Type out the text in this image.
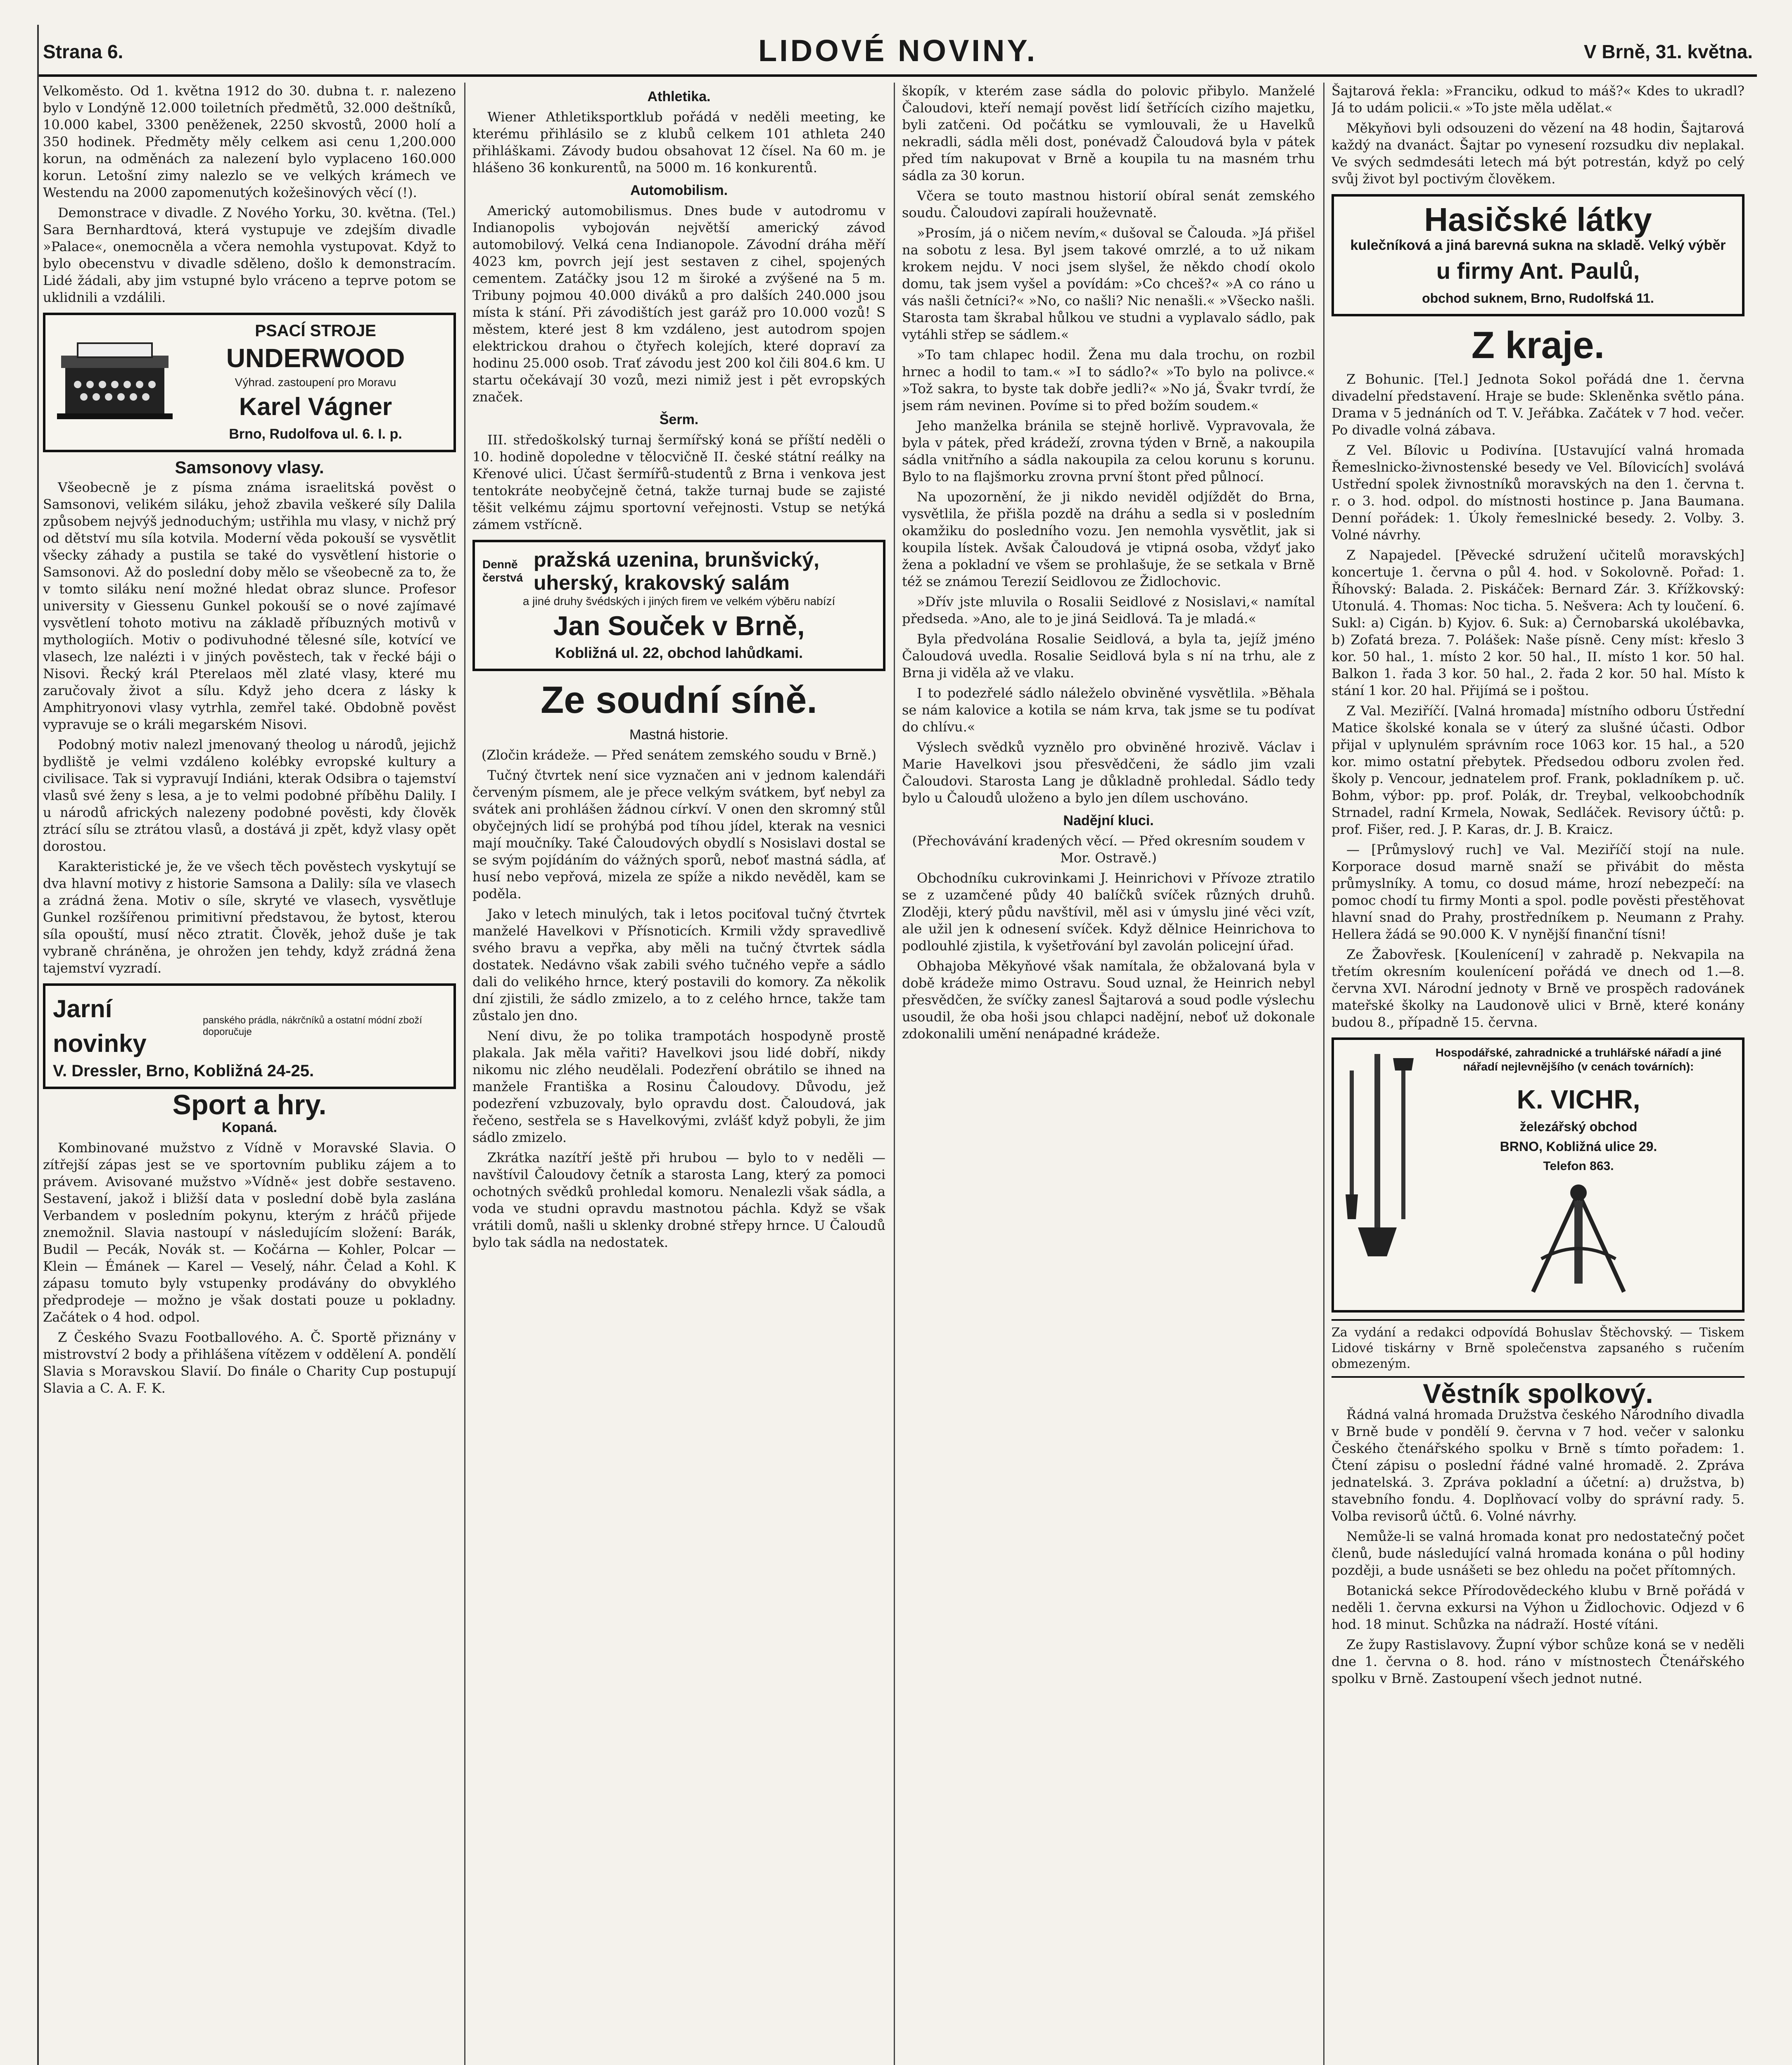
Strana 6.	LIDOVÉ NOVINY.	V Brně, 31. května.

Velkoměsto. Od 1. května 1912 do 30. dubna t. r. nalezeno bylo v Londýně 12.000 toiletních předmětů, 32.000 deštníků, 10.000 kabel, 3300 peněženek, 2250 skvostů, 2000 holí a 350 hodinek. Předměty měly celkem asi cenu 1,200.000 korun, na odměnách za nalezení bylo vyplaceno 160.000 korun. Letošní zimy nalezlo se ve velkých krámech ve Westendu na 2000 zapomenutých kožešinových věcí (!).

Demonstrace v divadle. Z Nového Yorku, 30. května. (Tel.) Sara Bernhardtová, která vystupuje ve zdejším divadle »Palace«, onemocněla a včera nemohla vystupovat. Když to bylo obecenstvu v divadle sděleno, došlo k demonstracím. Lidé žádali, aby jim vstupné bylo vráceno a teprve potom se uklidnili a vzdálili.

PSACÍ STROJE
UNDERWOOD
Výhrad. zastoupení pro Moravu
Karel Vágner
Brno, Rudolfova ul. 6. I. p.
Samsonovy vlasy.

Všeobecně je z písma známa israelitská pověst o Samsonovi, velikém siláku, jehož zbavila veškeré síly Dalila způsobem nejvýš jednoduchým; ustřihla mu vlasy, v nichž prý od dětství mu síla kotvila. Moderní věda pokouší se vysvětlit všecky záhady a pustila se také do vysvětlení historie o Samsonovi. Až do poslední doby mělo se všeobecně za to, že v tomto siláku není možné hledat obraz slunce. Profesor university v Giessenu Gunkel pokouší se o nové zajímavé vysvětlení tohoto motivu na základě příbuzných motivů v mythologiích. Motiv o podivuhodné tělesné síle, kotvící ve vlasech, lze nalézti i v jiných pověstech, tak v řecké báji o Nisovi. Řecký král Pterelaos měl zlaté vlasy, které mu zaručovaly život a sílu. Když jeho dcera z lásky k Amphitryonovi vlasy vytrhla, zemřel také. Obdobně pověst vypravuje se o králi megarském Nisovi.

Podobný motiv nalezl jmenovaný theolog u národů, jejichž bydliště je velmi vzdáleno kolébky evropské kultury a civilisace. Tak si vypravují Indiáni, kterak Odsibra o tajemství vlasů své ženy s lesa, a je to velmi podobné příběhu Dalily. I u národů afrických nalezeny podobné pověsti, kdy člověk ztrácí sílu se ztrátou vlasů, a dostává ji zpět, když vlasy opět dorostou.

Karakteristické je, že ve všech těch pověstech vyskytují se dva hlavní motivy z historie Samsona a Dalily: síla ve vlasech a zrádná žena. Motiv o síle, skryté ve vlasech, vysvětluje Gunkel rozšířenou primitivní představou, že bytost, kterou síla opouští, musí něco ztratit. Člověk, jehož duše je tak vybraně chráněna, je ohrožen jen tehdy, když zrádná žena tajemství vyzradí.

Jarní novinky
panského prádla, nákrčníků a ostatní módní zboží doporučuje
V. Dressler, Brno, Kobližná 24-25.
Sport a hry.
Kopaná.

Kombinované mužstvo z Vídně v Moravské Slavia. O zítřejší zápas jest se ve sportovním publiku zájem a to právem. Avisované mužstvo »Vídně« jest dobře sestaveno. Sestavení, jakož i bližší data v poslední době byla zaslána Verbandem v posledním pokynu, kterým z hráčů přijede znemožnil. Slavia nastoupí v následujícím složení: Barák, Budil — Pecák, Novák st. — Kočárna — Kohler, Polcar — Klein — Émánek — Karel — Veselý, náhr. Čelad a Kohl. K zápasu tomuto byly vstupenky prodávány do obvyklého předprodeje — možno je však dostati pouze u pokladny. Začátek o 4 hod. odpol.

Z Českého Svazu Footballového. A. Č. Sportě přiznány v mistrovství 2 body a přihlášena vítězem v oddělení A. pondělí Slavia s Moravskou Slavií. Do finále o Charity Cup postupují Slavia a C. A. F. K.

Athletika.

Wiener Athletiksportklub pořádá v neděli meeting, ke kterému přihlásilo se z klubů celkem 101 athleta 240 přihláškami. Závody budou obsahovat 12 čísel. Na 60 m. je hlášeno 36 konkurentů, na 5000 m. 16 konkurentů.

Automobilism.

Americký automobilismus. Dnes bude v autodromu v Indianopolis vybojován největší americký závod automobilový. Velká cena Indianopole. Závodní dráha měří 4023 km, povrch její jest sestaven z cihel, spojených cementem. Zatáčky jsou 12 m široké a zvýšené na 5 m. Tribuny pojmou 40.000 diváků a pro dalších 240.000 jsou místa k stání. Při závodištích jest garáž pro 10.000 vozů! S městem, které jest 8 km vzdáleno, jest autodrom spojen elektrickou drahou o čtyřech kolejích, které dopraví za hodinu 25.000 osob. Trať závodu jest 200 kol čili 804.6 km. U startu očekávají 30 vozů, mezi nimiž jest i pět evropských značek.

Šerm.

III. středoškolský turnaj šermířský koná se příští neděli o 10. hodině dopoledne v tělocvičně II. české státní reálky na Křenové ulici. Účast šermířů-studentů z Brna i venkova jest tentokráte neobyčejně četná, takže turnaj bude se zajisté těšit velkému zájmu sportovní veřejnosti. Vstup se netýká zámem vstřícně.

Denně čerstvá
pražská uzenina, brunšvický, uherský, krakovský salám
a jiné druhy švédských i jiných firem ve velkém výběru nabízí
Jan Souček v Brně,
Kobližná ul. 22, obchod lahůdkami.
Ze soudní síně.
Mastná historie.

(Zločin krádeže. — Před senátem zemského soudu v Brně.)

Tučný čtvrtek není sice vyznačen ani v jednom kalendáři červeným písmem, ale je přece velkým svátkem, byť nebyl za svátek ani prohlášen žádnou církví. V onen den skromný stůl obyčejných lidí se prohýbá pod tíhou jídel, kterak na vesnici mají moučníky. Také Čaloudových obydlí s Nosislavi dostal se se svým pojídáním do vážných sporů, neboť mastná sádla, ať husí nebo vepřová, mizela ze spíže a nikdo nevěděl, kam se poděla.

Jako v letech minulých, tak i letos pociťoval tučný čtvrtek manželé Havelkovi v Přísnoticích. Krmili vždy spravedlivě svého bravu a vepřka, aby měli na tučný čtvrtek sádla dostatek. Nedávno však zabili svého tučného vepře a sádlo dali do velikého hrnce, který postavili do komory. Za několik dní zjistili, že sádlo zmizelo, a to z celého hrnce, takže tam zůstalo jen dno.

Není divu, že po tolika trampotách hospodyně prostě plakala. Jak měla vařiti? Havelkovi jsou lidé dobří, nikdy nikomu nic zlého neudělali. Podezření obrátilo se ihned na manžele Františka a Rosinu Čaloudovy. Důvodu, jež podezření vzbuzovaly, bylo opravdu dost. Čaloudová, jak řečeno, sestřela se s Havelkovými, zvlášť když pobyli, že jim sádlo zmizelo.

Zkrátka nazítří ještě při hrubou — bylo to v neděli — navštívil Čaloudovy četník a starosta Lang, který za pomoci ochotných svědků prohledal komoru. Nenalezli však sádla, a voda ve studni opravdu mastnotou páchla. Když se však vrátili domů, našli u sklenky drobné střepy hrnce. U Čaloudů bylo tak sádla na nedostatek.

škopík, v kterém zase sádla do polovic přibylo. Manželé Čaloudovi, kteří nemají pověst lidí šetřících cizího majetku, byli zatčeni. Od počátku se vymlouvali, že u Havelků nekradli, sádla měli dost, ponévadž Čaloudová byla v pátek před tím nakupovat v Brně a koupila tu na masném trhu sádla za 30 korun.

Včera se touto mastnou historií obíral senát zemského soudu. Čaloudovi zapírali houževnatě.

»Prosím, já o ničem nevím,« dušoval se Čalouda. »Já přišel na sobotu z lesa. Byl jsem takové omrzlé, a to už nikam krokem nejdu. V noci jsem slyšel, že někdo chodí okolo domu, tak jsem vyšel a povídám: »Co chceš?« »A co ráno u vás našli četníci?« »No, co našli? Nic nenašli.« »Všecko našli. Starosta tam škrabal hůlkou ve studni a vyplavalo sádlo, pak vytáhli střep se sádlem.«

»To tam chlapec hodil. Žena mu dala trochu, on rozbil hrnec a hodil to tam.« »I to sádlo?« »To bylo na polivce.« »Tož sakra, to byste tak dobře jedli?« »No já, Švakr tvrdí, že jsem rám nevinen. Povíme si to před božím soudem.«

Jeho manželka bránila se stejně horlivě. Vypravovala, že byla v pátek, před krádeží, zrovna týden v Brně, a nakoupila sádla vnitřního a sádla nakoupila za celou korunu s korunu. Bylo to na flajšmorku zrovna první štont před půlnocí.

Na upozornění, že ji nikdo neviděl odjíždět do Brna, vysvětlila, že přišla pozdě na dráhu a sedla si v posledním okamžiku do posledního vozu. Jen nemohla vysvětlit, jak si koupila lístek. Avšak Čaloudová je vtipná osoba, vždyť jako žena a pokladní ve všem se prohlašuje, že se setkala v Brně též se známou Terezií Seidlovou ze Židlochovic.

»Dřív jste mluvila o Rosalii Seidlové z Nosislavi,« namítal předseda. »Ano, ale to je jiná Seidlová. Ta je mladá.«

Byla předvolána Rosalie Seidlová, a byla ta, jejíž jméno Čaloudová uvedla. Rosalie Seidlová byla s ní na trhu, ale z Brna ji viděla až ve vlaku.

I to podezřelé sádlo náleželo obviněné vysvětlila. »Běhala se nám kalovice a kotila se nám krva, tak jsme se tu podívat do chlívu.«

Výslech svědků vyznělo pro obviněné hrozivě. Václav i Marie Havelkovi jsou přesvědčeni, že sádlo jim vzali Čaloudovi. Starosta Lang je důkladně prohledal. Sádlo tedy bylo u Čaloudů uloženo a bylo jen dílem uschováno.

Nadějní kluci.

(Přechovávání kradených věcí. — Před okresním soudem v Mor. Ostravě.)

Obchodníku cukrovinkami J. Heinrichovi v Přívoze ztratilo se z uzamčené půdy 40 balíčků svíček různých druhů. Zloději, který půdu navštívil, měl asi v úmyslu jiné věci vzít, ale užil jen k odnesení svíček. Když dělnice Heinrichova to podlouhlé zjistila, k vyšetřování byl zavolán policejní úřad.

Obhajoba Měkyňové však namítala, že obžalovaná byla v době krádeže mimo Ostravu. Soud uznal, že Heinrich nebyl přesvědčen, že svíčky zanesl Šajtarová a soud podle výslechu usoudil, že oba hoši jsou chlapci nadějní, neboť už dokonale zdokonalili umění nenápadné krádeže.

Šajtarová řekla: »Franciku, odkud to máš?« Kdes to ukradl? Já to udám policii.« »To jste měla udělat.«

Měkyňovi byli odsouzeni do vězení na 48 hodin, Šajtarová každý na dvanáct. Šajtar po vynesení rozsudku div neplakal. Ve svých sedmdesáti letech má být potrestán, když po celý svůj život byl poctivým člověkem.

Hasičské látky
kulečníková a jiná barevná sukna na skladě. Velký výběr
u firmy Ant. Paulů,
obchod suknem, Brno, Rudolfská 11.
Z kraje.

Z Bohunic. [Tel.] Jednota Sokol pořádá dne 1. června divadelní představení. Hraje se bude: Skleněnka světlo pána. Drama v 5 jednáních od T. V. Jeřábka. Začátek v 7 hod. večer. Po divadle volná zábava.

Z Vel. Bílovic u Podivína. [Ustavující valná hromada Řemeslnicko-živnostenské besedy ve Vel. Bílovicích] svolává Ustřední spolek živnostníků moravských na den 1. června t. r. o 3. hod. odpol. do místnosti hostince p. Jana Baumana. Denní pořádek: 1. Úkoly řemeslnické besedy. 2. Volby. 3. Volné návrhy.

Z Napajedel. [Pěvecké sdružení učitelů moravských] koncertuje 1. června o půl 4. hod. v Sokolovně. Pořad: 1. Říhovský: Balada. 2. Piskáček: Bernard Zár. 3. Křížkovský: Utonulá. 4. Thomas: Noc ticha. 5. Nešvera: Ach ty loučení. 6. Sukl: a) Cigán. b) Kyjov. 6. Suk: a) Černobarská ukolébavka, b) Zofatá breza. 7. Polášek: Naše písně. Ceny míst: křeslo 3 kor. 50 hal., 1. místo 2 kor. 50 hal., II. místo 1 kor. 50 hal. Balkon 1. řada 3 kor. 50 hal., 2. řada 2 kor. 50 hal. Místo k stání 1 kor. 20 hal. Přijímá se i poštou.

Z Val. Meziříčí. [Valná hromada] místního odboru Ústřední Matice školské konala se v úterý za slušné účasti. Odbor přijal v uplynulém správním roce 1063 kor. 15 hal., a 520 kor. mimo ostatní přebytek. Předsedou odboru zvolen řed. školy p. Vencour, jednatelem prof. Frank, pokladníkem p. uč. Bohm, výbor: pp. prof. Polák, dr. Treybal, velkoobchodník Strnadel, radní Krmela, Nowak, Sedláček. Revisory účtů: p. prof. Fišer, red. J. P. Karas, dr. J. B. Kraicz.

— [Průmyslový ruch] ve Val. Meziříčí stojí na nule. Korporace dosud marně snaží se přivábit do města průmyslníky. A tomu, co dosud máme, hrozí nebezpečí: na pomoc chodí tu firmy Monti a spol. podle pověsti přestěhovat hlavní snad do Prahy, prostředníkem p. Neumann z Prahy. Hellera žádá se 90.000 K. V nynější finanční tísni!

Ze Žabovřesk. [Koulenícení] v zahradě p. Nekvapila na třetím okresním koulenícení pořádá ve dnech od 1.—8. června XVI. Národní jednoty v Brně ve prospěch radovánek mateřské školky na Laudonově ulici v Brně, které konány budou 8., případně 15. června.

Hospodářské, zahradnické a truhlářské nářadí a jiné nářadí nejlevnějšího (v cenách továrních):
K. VICHR,
železářský obchod
BRNO, Kobližná ulice 29.
Telefon 863.

Za vydání a redakci odpovídá Bohuslav Štěchovský. — Tiskem Lidové tiskárny v Brně společenstva zapsaného s ručením obmezeným.

Věstník spolkový.

Řádná valná hromada Družstva českého Národního divadla v Brně bude v pondělí 9. června v 7 hod. večer v salonku Českého čtenářského spolku v Brně s tímto pořadem: 1. Čtení zápisu o poslední řádné valné hromadě. 2. Zpráva jednatelská. 3. Zpráva pokladní a účetní: a) družstva, b) stavebního fondu. 4. Doplňovací volby do správní rady. 5. Volba revisorů účtů. 6. Volné návrhy.

Nemůže-li se valná hromada konat pro nedostatečný počet členů, bude následující valná hromada konána o půl hodiny později, a bude usnášeti se bez ohledu na počet přítomných.

Botanická sekce Přírodovědeckého klubu v Brně pořádá v neděli 1. června exkursi na Výhon u Židlochovic. Odjezd v 6 hod. 18 minut. Schůzka na nádraží. Hosté vítáni.

Ze župy Rastislavovy. Župní výbor schůze koná se v neděli dne 1. června o 8. hod. ráno v místnostech Čtenářského spolku v Brně. Zastoupení všech jednot nutné.
